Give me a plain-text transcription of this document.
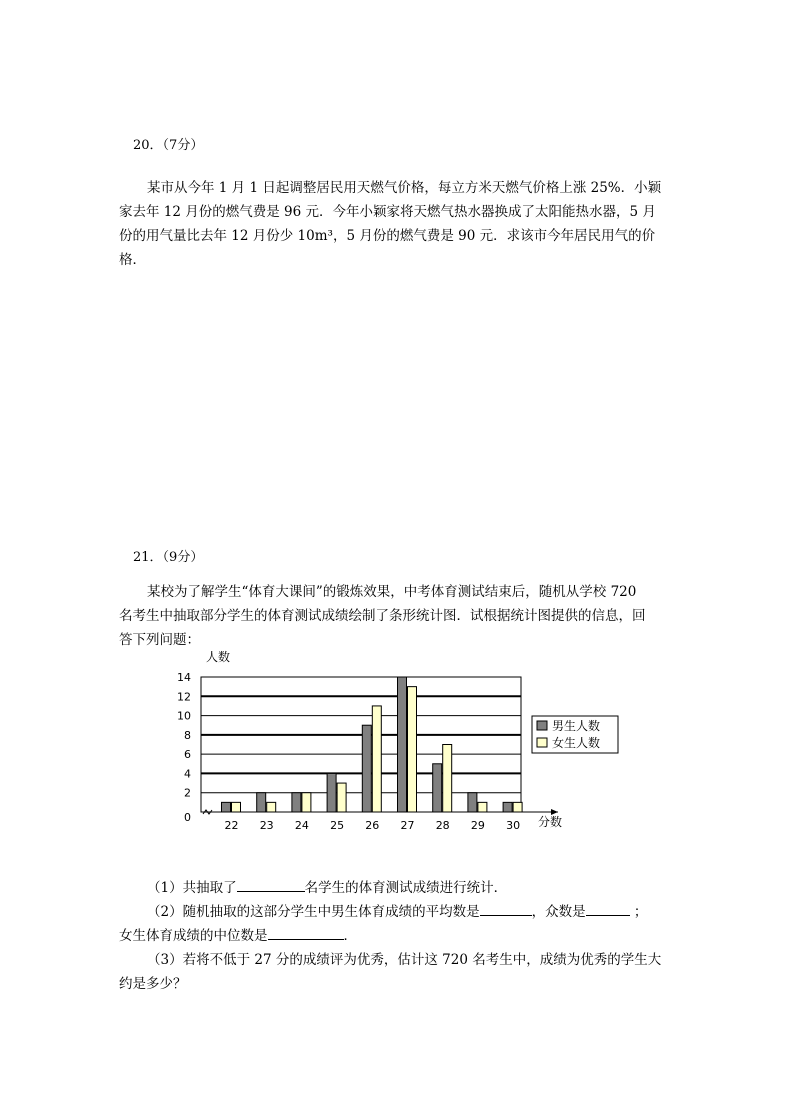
20．（7分）
某市从今年 1 月 1 日起调整居民用天燃气价格，每立方米天燃气价格上涨 25%．小颖
家去年 12 月份的燃气费是 96 元．今年小颖家将天燃气热水器换成了太阳能热水器，5 月
份的用气量比去年 12 月份少 10m³，5 月份的燃气费是 90 元．求该市今年居民用气的价
格．
21．（9分）
某校为了解学生“体育大课间”的锻炼效果，中考体育测试结束后，随机从学校 720
名考生中抽取部分学生的体育测试成绩绘制了条形统计图．试根据统计图提供的信息，回
答下列问题：
0
2
4
6
8
10
12
14
22 23 24 25 26 27 28 29 30
人数
分数
男生人数
女生人数
（1）共抽取了	名学生的体育测试成绩进行统计．
（2）随机抽取的这部分学生中男生体育成绩的平均数是	，众数是	；
女生体育成绩的中位数是	．
（3）若将不低于 27 分的成绩评为优秀，估计这 720 名考生中，成绩为优秀的学生大
约是多少？
